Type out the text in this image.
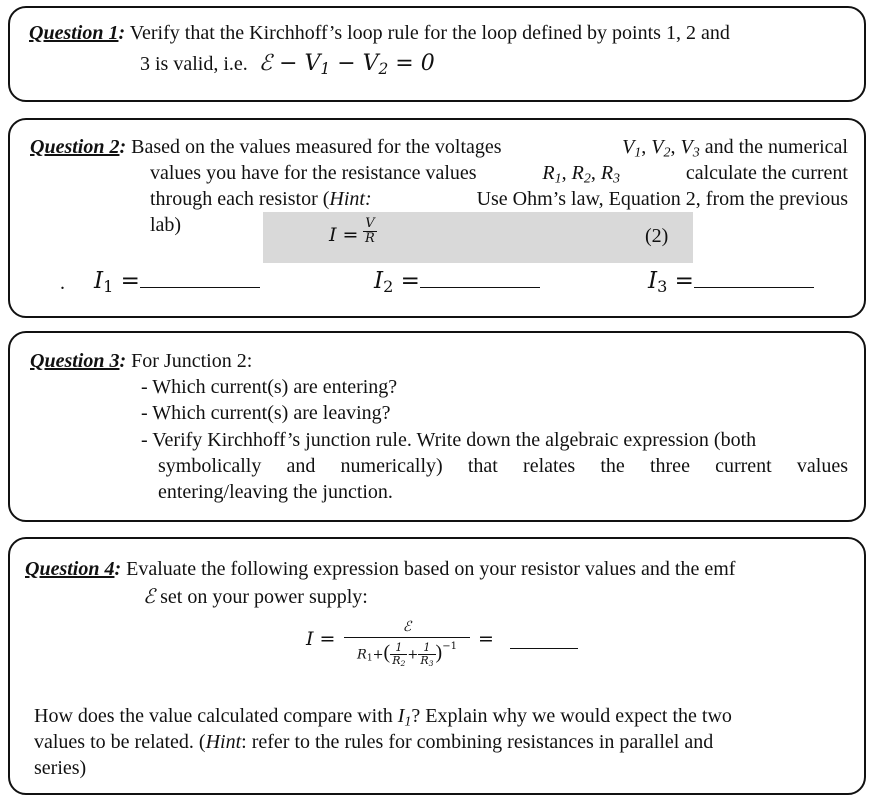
Question 1: Verify that the Kirchhoff’s loop rule for the loop defined by points 1, 2 and
3 is valid, i.e. ℰ − $V_1 - V_2 = 0$
Question 2: Based on the values measured for the voltages	$V_1$, $V_2$, $V_3$ and the numerical
values you have for the resistance values	$R_1$, $R_2$, $R_3$	calculate the current
through each resistor (Hint:	Use Ohm’s law, Equation 2, from the previous
lab)	$I = \frac{V}{R}$	(2)
. $I_1$ =	$I_2$ =	$I_3$ =
Question 3: For Junction 2:
- Which current(s) are entering?
- Which current(s) are leaving?
- Verify Kirchhoff’s junction rule. Write down the algebraic expression (both
symbolically and numerically) that relates the three current values
entering/leaving the junction.
Question 4: Evaluate the following expression based on your resistor values and the emf
ℰ set on your power supply:
I =
ℰ
$R_1+( \frac{1}{R_2} + \frac{1}{R_3} )^{-1}$	=
How does the value calculated compare with $I_1$? Explain why we would expect the two
values to be related. (Hint: refer to the rules for combining resistances in parallel and
series)
